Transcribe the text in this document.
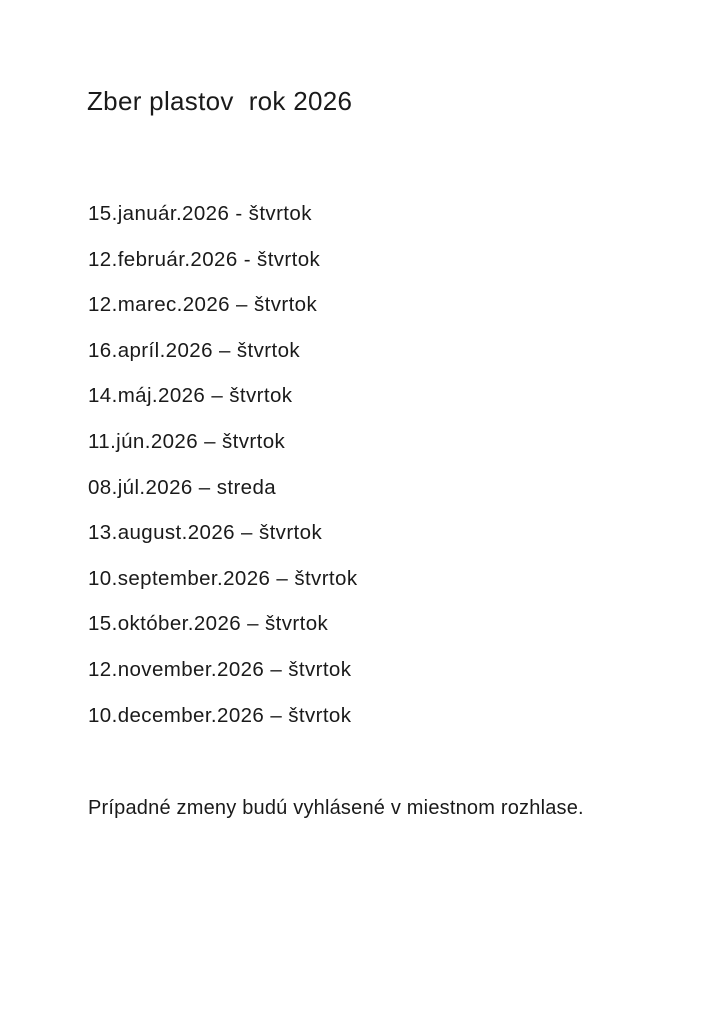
Zber plastov  rok 2026
15.január.2026 - štvrtok
12.február.2026 - štvrtok
12.marec.2026 – štvrtok
16.apríl.2026 – štvrtok
14.máj.2026 – štvrtok
11.jún.2026 – štvrtok
08.júl.2026 – streda
13.august.2026 – štvrtok
10.september.2026 – štvrtok
15.október.2026 – štvrtok
12.november.2026 – štvrtok
10.december.2026 – štvrtok
Prípadné zmeny budú vyhlásené v miestnom rozhlase.
